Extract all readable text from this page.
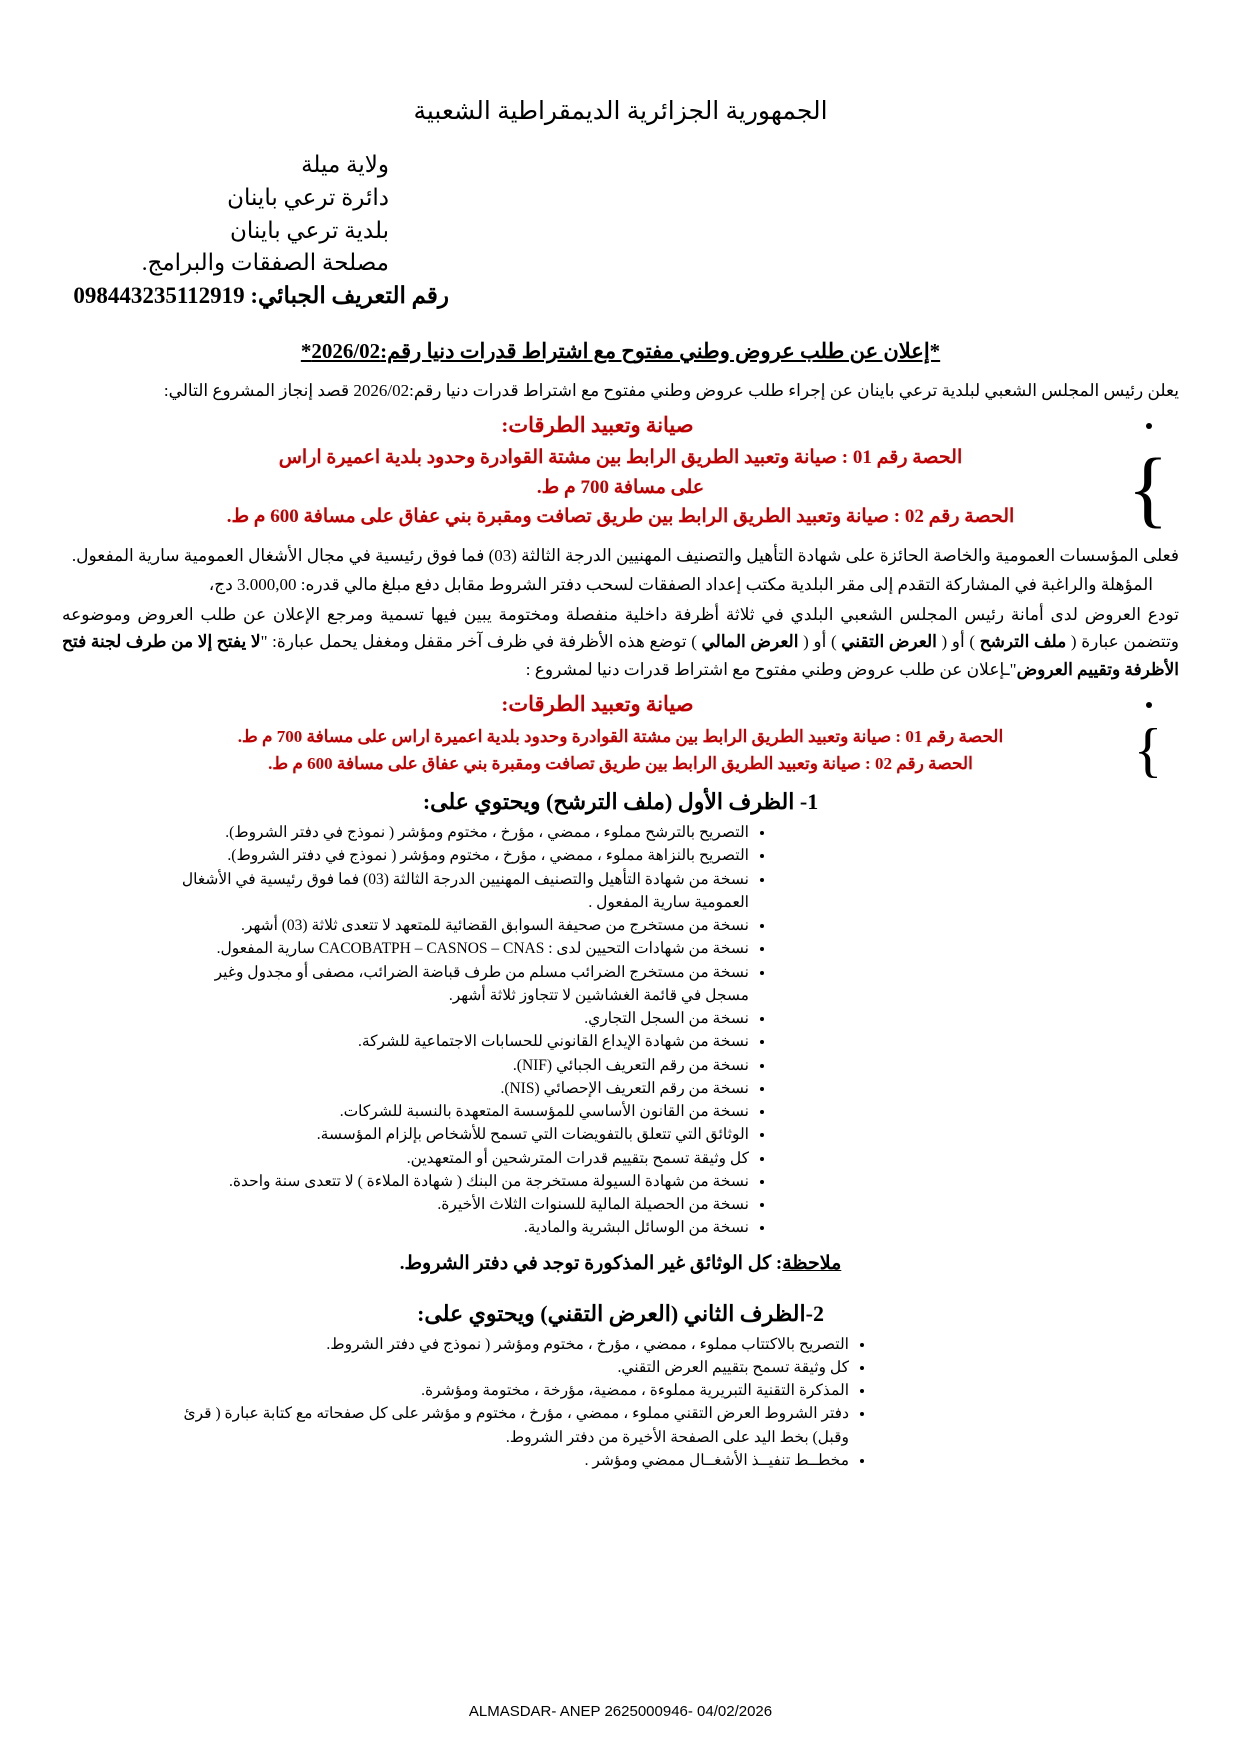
الجمهورية الجزائرية الديمقراطية الشعبية
ولاية ميلة
دائرة ترعي باينان
بلدية ترعي باينان
مصلحة الصفقات والبرامج.
رقم التعريف الجبائي: 098443235112919
*إعلان عن طلب عروض وطني مفتوح مع اشتراط قدرات دنيا رقم:2026/02*
يعلن رئيس المجلس الشعبي لبلدية ترعي باينان عن إجراء طلب عروض وطني مفتوح مع اشتراط قدرات دنيا رقم:2026/02 قصد إنجاز المشروع التالي:
• صيانة وتعبيد الطرقات:
}
الحصة رقم 01 : صيانة وتعبيد الطريق الرابط بين مشتة القوادرة وحدود بلدية اعميرة اراس
على مسافة 700 م ط.
الحصة رقم 02 : صيانة وتعبيد الطريق الرابط بين طريق تصافت ومقبرة بني عفاق على مسافة 600 م ط.
فعلى المؤسسات العمومية والخاصة الحائزة على شهادة التأهيل والتصنيف المهنيين الدرجة الثالثة (03) فما فوق رئيسية في مجال الأشغال العمومية سارية المفعول.
المؤهلة والراغبة في المشاركة التقدم إلى مقر البلدية مكتب إعداد الصفقات لسحب دفتر الشروط مقابل دفع مبلغ مالي قدره: 3.000,00 دج،
تودع العروض لدى أمانة رئيس المجلس الشعبي البلدي في ثلاثة أظرفة داخلية منفصلة ومختومة يبين فيها تسمية ومرجع الإعلان عن طلب العروض وموضوعه وتتضمن عبارة ( ملف الترشح ) أو ( العرض التقني ) أو ( العرض المالي ) توضع هذه الأظرفة في ظرف آخر مقفل ومغفل يحمل عبارة: "لا يفتح إلا من طرف لجنة فتح الأظرفة وتقييم العروض"ـإعلان عن طلب عروض وطني مفتوح مع اشتراط قدرات دنيا لمشروع :
• صيانة وتعبيد الطرقات:
}
الحصة رقم 01 : صيانة وتعبيد الطريق الرابط بين مشتة القوادرة وحدود بلدية اعميرة اراس على مسافة 700 م ط.
الحصة رقم 02 : صيانة وتعبيد الطريق الرابط بين طريق تصافت ومقبرة بني عفاق على مسافة 600 م ط.
1- الظرف الأول (ملف الترشح) ويحتوي على:
• التصريح بالترشح مملوء ، ممضي ، مؤرخ ، مختوم ومؤشر ( نموذج في دفتر الشروط).
• التصريح بالنزاهة مملوء ، ممضي ، مؤرخ ، مختوم ومؤشر ( نموذج في دفتر الشروط).
• نسخة من شهادة التأهيل والتصنيف المهنيين الدرجة الثالثة (03) فما فوق رئيسية في الأشغال العمومية سارية المفعول .
• نسخة من مستخرج من صحيفة السوابق القضائية للمتعهد لا تتعدى ثلاثة (03) أشهر.
• نسخة من شهادات التحيين لدى : CACOBATPH – CASNOS – CNAS سارية المفعول.
• نسخة من مستخرج الضرائب مسلم من طرف قباضة الضرائب، مصفى أو مجدول وغير مسجل في قائمة الغشاشين لا تتجاوز ثلاثة أشهر.
• نسخة من السجل التجاري.
• نسخة من شهادة الإيداع القانوني للحسابات الاجتماعية للشركة.
• نسخة من رقم التعريف الجبائي (NIF).
• نسخة من رقم التعريف الإحصائي (NIS).
• نسخة من القانون الأساسي للمؤسسة المتعهدة بالنسبة للشركات.
• الوثائق التي تتعلق بالتفويضات التي تسمح للأشخاص بإلزام المؤسسة.
• كل وثيقة تسمح بتقييم قدرات المترشحين أو المتعهدين.
• نسخة من شهادة السيولة مستخرجة من البنك ( شهادة الملاءة ) لا تتعدى سنة واحدة.
• نسخة من الحصيلة المالية للسنوات الثلاث الأخيرة.
• نسخة من الوسائل البشرية والمادية.
ملاحظة: كل الوثائق غير المذكورة توجد في دفتر الشروط.
2-الظرف الثاني (العرض التقني) ويحتوي على:
• التصريح بالاكتتاب مملوء ، ممضي ، مؤرخ ، مختوم ومؤشر ( نموذج في دفتر الشروط.
• كل وثيقة تسمح بتقييم العرض التقني.
• المذكرة التقنية التبريرية مملوءة ، ممضية، مؤرخة ، مختومة ومؤشرة.
• دفتر الشروط العرض التقني مملوء ، ممضي ، مؤرخ ، مختوم و مؤشر على كل صفحاته مع كتابة عبارة ( قرئ وقبل) بخط اليد على الصفحة الأخيرة من دفتر الشروط.
• مخطــط تنفيــذ الأشغــال ممضي ومؤشر .
ALMASDAR- ANEP 2625000946- 04/02/2026
